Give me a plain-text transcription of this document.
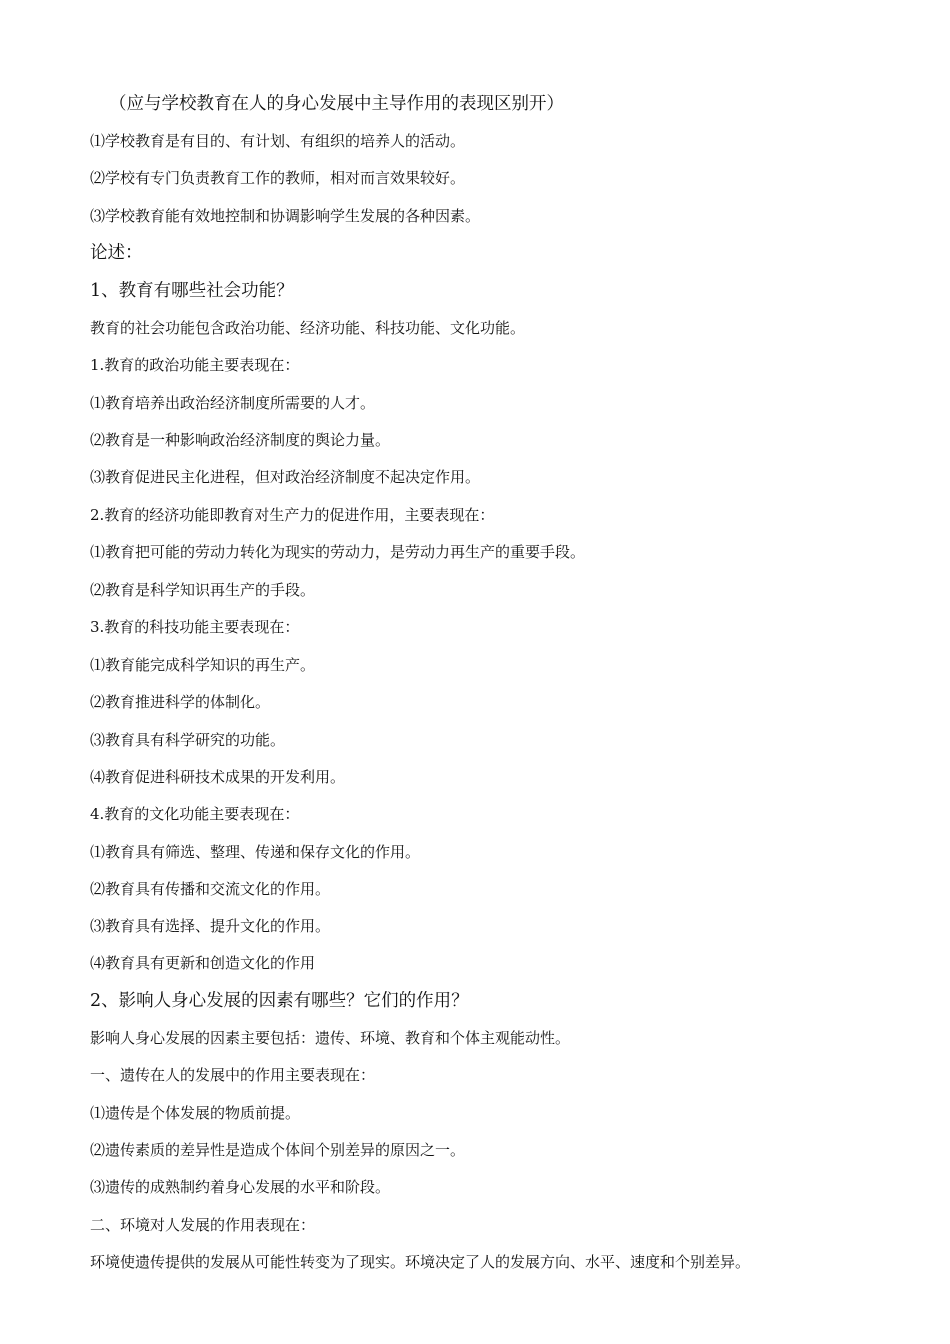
（应与学校教育在人的身心发展中主导作用的表现区别开）
⑴学校教育是有目的、有计划、有组织的培养人的活动。
⑵学校有专门负责教育工作的教师，相对而言效果较好。
⑶学校教育能有效地控制和协调影响学生发展的各种因素。
论述：
1、教育有哪些社会功能？
教育的社会功能包含政治功能、经济功能、科技功能、文化功能。
1.教育的政治功能主要表现在：
⑴教育培养出政治经济制度所需要的人才。
⑵教育是一种影响政治经济制度的舆论力量。
⑶教育促进民主化进程，但对政治经济制度不起决定作用。
2.教育的经济功能即教育对生产力的促进作用，主要表现在：
⑴教育把可能的劳动力转化为现实的劳动力，是劳动力再生产的重要手段。
⑵教育是科学知识再生产的手段。
3.教育的科技功能主要表现在：
⑴教育能完成科学知识的再生产。
⑵教育推进科学的体制化。
⑶教育具有科学研究的功能。
⑷教育促进科研技术成果的开发利用。
4.教育的文化功能主要表现在：
⑴教育具有筛选、整理、传递和保存文化的作用。
⑵教育具有传播和交流文化的作用。
⑶教育具有选择、提升文化的作用。
⑷教育具有更新和创造文化的作用
2、影响人身心发展的因素有哪些？它们的作用？
影响人身心发展的因素主要包括：遗传、环境、教育和个体主观能动性。
一、遗传在人的发展中的作用主要表现在：
⑴遗传是个体发展的物质前提。
⑵遗传素质的差异性是造成个体间个别差异的原因之一。
⑶遗传的成熟制约着身心发展的水平和阶段。
二、环境对人发展的作用表现在：
环境使遗传提供的发展从可能性转变为了现实。环境决定了人的发展方向、水平、速度和个别差异。
